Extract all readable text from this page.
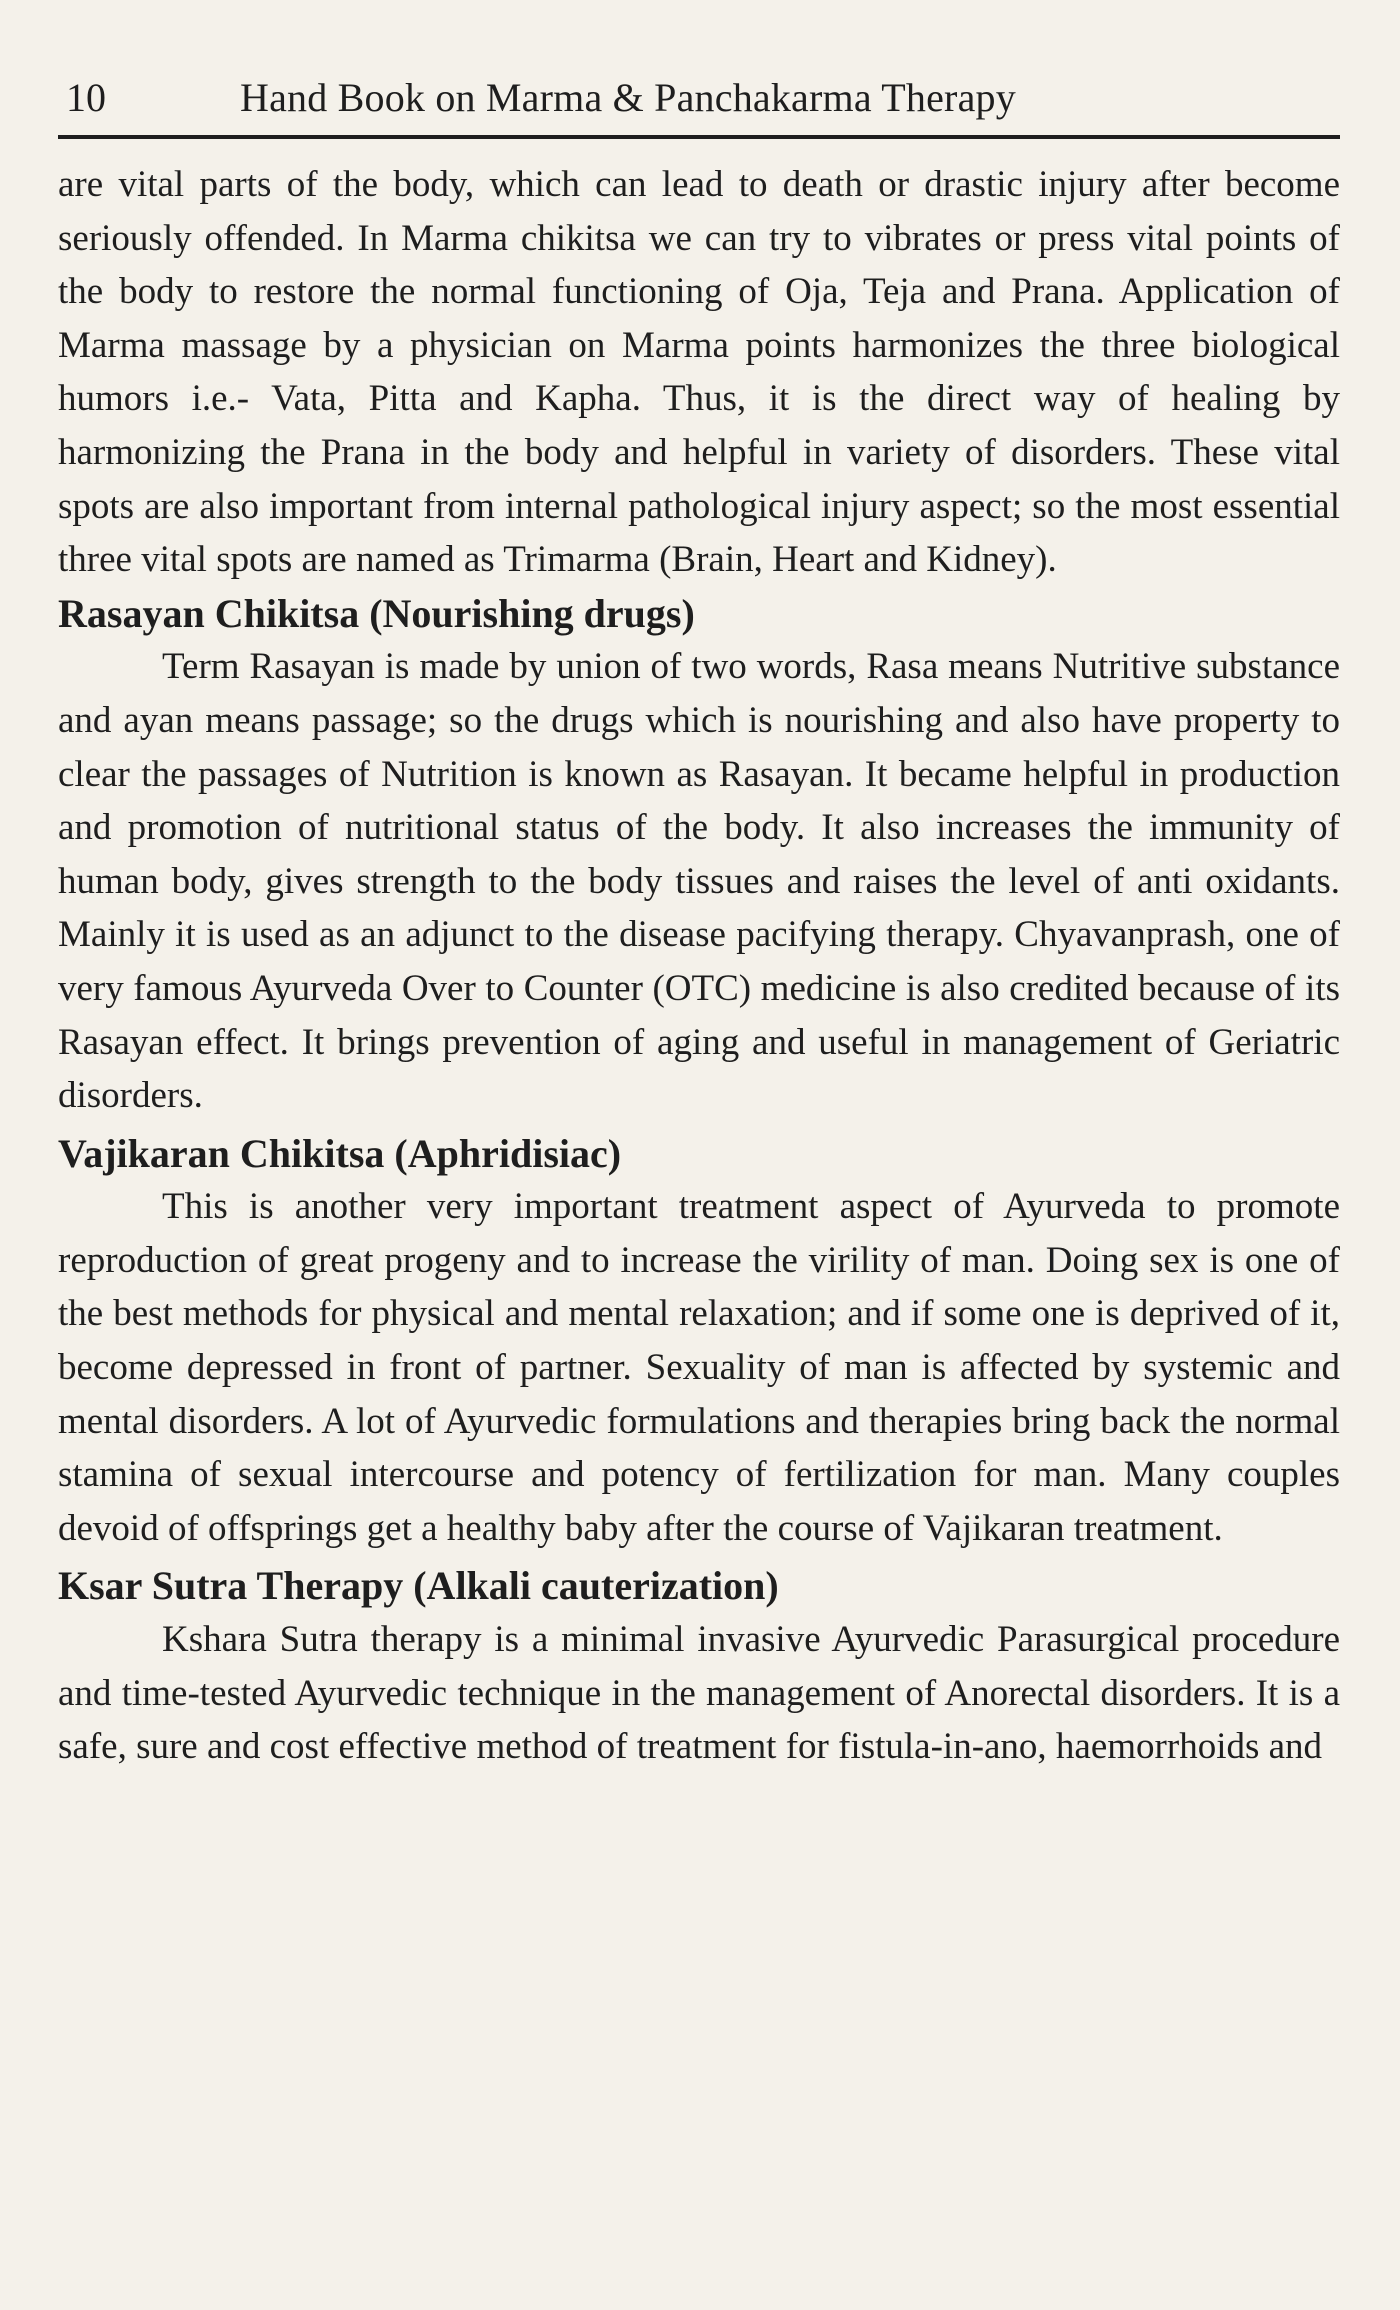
10	Hand Book on Marma & Panchakarma Therapy

are vital parts of the body, which can lead to death or drastic injury after become seriously offended. In Marma chikitsa we can try to vibrates or press vital points of the body to restore the normal functioning of Oja, Teja and Prana. Application of Marma massage by a physician on Marma points harmonizes the three biological humors i.e.- Vata, Pitta and Kapha. Thus, it is the direct way of healing by harmonizing the Prana in the body and helpful in variety of disorders. These vital spots are also important from internal pathological injury aspect; so the most essential three vital spots are named as Trimarma (Brain, Heart and Kidney).

Rasayan Chikitsa (Nourishing drugs)

Term Rasayan is made by union of two words, Rasa means Nutritive substance and ayan means passage; so the drugs which is nourishing and also have property to clear the passages of Nutrition is known as Rasayan. It became helpful in production and promotion of nutritional status of the body. It also increases the immunity of human body, gives strength to the body tissues and raises the level of anti oxidants. Mainly it is used as an adjunct to the disease pacifying therapy. Chyavanprash, one of very famous Ayurveda Over to Counter (OTC) medicine is also credited because of its Rasayan effect. It brings prevention of aging and useful in management of Geriatric disorders.

Vajikaran Chikitsa (Aphridisiac)

This is another very important treatment aspect of Ayurveda to promote reproduction of great progeny and to increase the virility of man. Doing sex is one of the best methods for physical and mental relaxation; and if some one is deprived of it, become depressed in front of partner. Sexuality of man is affected by systemic and mental disorders. A lot of Ayurvedic formulations and therapies bring back the normal stamina of sexual intercourse and potency of fertilization for man. Many couples devoid of offsprings get a healthy baby after the course of Vajikaran treatment.

Ksar Sutra Therapy (Alkali cauterization)

Kshara Sutra therapy is a minimal invasive Ayurvedic Parasurgical procedure and time-tested Ayurvedic technique in the management of Anorectal disorders. It is a safe, sure and cost effective method of treatment for fistula-in-ano, haemorrhoids and
